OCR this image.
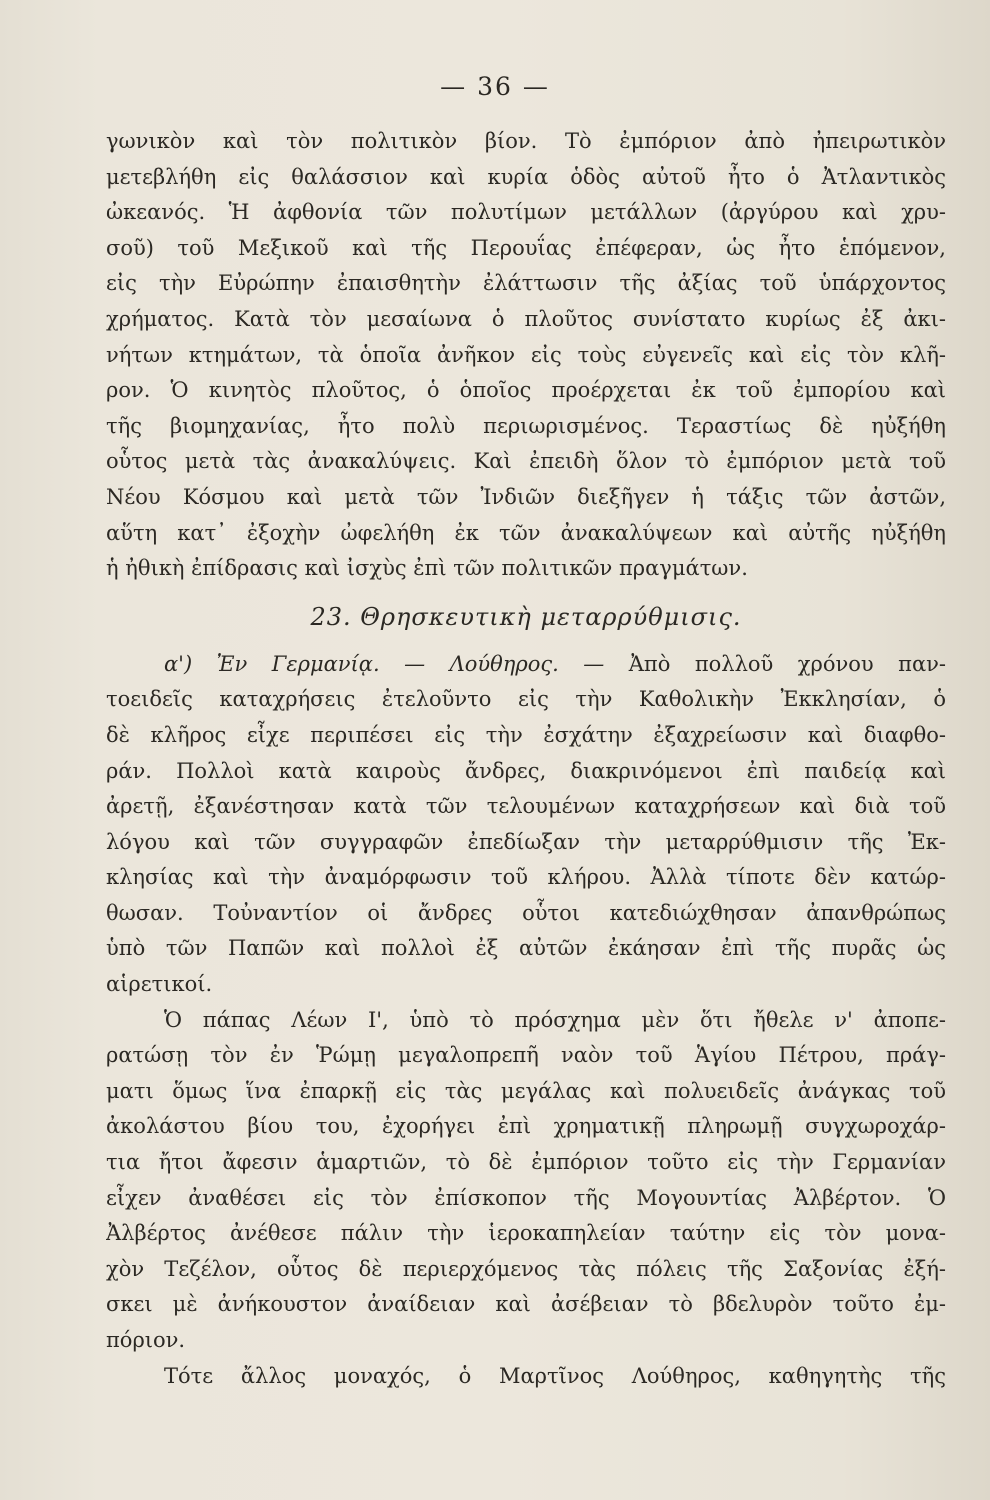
— 36 —
γωνικὸν καὶ τὸν πολιτικὸν βίον. Τὸ ἐμπόριον ἀπὸ ἠπειρωτικὸν
μετεβλήθη εἰς θαλάσσιον καὶ κυρία ὁδὸς αὐτοῦ ἦτο ὁ Ἀτλαντικὸς
ὠκεανός. Ἡ ἀφθονία τῶν πολυτίμων μετάλλων (ἀργύρου καὶ χρυ-
σοῦ) τοῦ Μεξικοῦ καὶ τῆς Περουΐας ἐπέφεραν, ὡς ἦτο ἑπόμενον,
εἰς τὴν Εὐρώπην ἐπαισθητὴν ἐλάττωσιν τῆς ἀξίας τοῦ ὑπάρχοντος
χρήματος. Κατὰ τὸν μεσαίωνα ὁ πλοῦτος συνίστατο κυρίως ἐξ ἀκι-
νήτων κτημάτων, τὰ ὁποῖα ἀνῆκον εἰς τοὺς εὐγενεῖς καὶ εἰς τὸν κλῆ-
ρον. Ὁ κινητὸς πλοῦτος, ὁ ὁποῖος προέρχεται ἐκ τοῦ ἐμπορίου καὶ
τῆς βιομηχανίας, ἦτο πολὺ περιωρισμένος. Τεραστίως δὲ ηὐξήθη
οὗτος μετὰ τὰς ἀνακαλύψεις. Καὶ ἐπειδὴ ὅλον τὸ ἐμπόριον μετὰ τοῦ
Νέου Κόσμου καὶ μετὰ τῶν Ἰνδιῶν διεξῆγεν ἡ τάξις τῶν ἀστῶν,
αὕτη κατ᾽ ἐξοχὴν ὠφελήθη ἐκ τῶν ἀνακαλύψεων καὶ αὐτῆς ηὐξήθη
ἡ ἠθικὴ ἐπίδρασις καὶ ἰσχὺς ἐπὶ τῶν πολιτικῶν πραγμάτων.
23. Θρησκευτικὴ μεταρρύθμισις.
α') Ἐν Γερμανίᾳ. — Λούθηρος. — Ἀπὸ πολλοῦ χρόνου παν-
τοειδεῖς καταχρήσεις ἐτελοῦντο εἰς τὴν Καθολικὴν Ἐκκλησίαν, ὁ
δὲ κλῆρος εἶχε περιπέσει εἰς τὴν ἐσχάτην ἐξαχρείωσιν καὶ διαφθο-
ράν. Πολλοὶ κατὰ καιροὺς ἄνδρες, διακρινόμενοι ἐπὶ παιδείᾳ καὶ
ἀρετῇ, ἐξανέστησαν κατὰ τῶν τελουμένων καταχρήσεων καὶ διὰ τοῦ
λόγου καὶ τῶν συγγραφῶν ἐπεδίωξαν τὴν μεταρρύθμισιν τῆς Ἐκ-
κλησίας καὶ τὴν ἀναμόρφωσιν τοῦ κλήρου. Ἀλλὰ τίποτε δὲν κατώρ-
θωσαν. Τοὐναντίον οἱ ἄνδρες οὗτοι κατεδιώχθησαν ἀπανθρώπως
ὑπὸ τῶν Παπῶν καὶ πολλοὶ ἐξ αὐτῶν ἐκάησαν ἐπὶ τῆς πυρᾶς ὡς
αἱρετικοί.
Ὁ πάπας Λέων Ι', ὑπὸ τὸ πρόσχημα μὲν ὅτι ἤθελε ν' ἀποπε-
ρατώσῃ τὸν ἐν Ῥώμῃ μεγαλοπρεπῆ ναὸν τοῦ Ἁγίου Πέτρου, πράγ-
ματι ὅμως ἵνα ἐπαρκῇ εἰς τὰς μεγάλας καὶ πολυειδεῖς ἀνάγκας τοῦ
ἀκολάστου βίου του, ἐχορήγει ἐπὶ χρηματικῇ πληρωμῇ συγχωροχάρ-
τια ἤτοι ἄφεσιν ἁμαρτιῶν, τὸ δὲ ἐμπόριον τοῦτο εἰς τὴν Γερμανίαν
εἶχεν ἀναθέσει εἰς τὸν ἐπίσκοπον τῆς Μογουντίας Ἀλβέρτον. Ὁ
Ἀλβέρτος ἀνέθεσε πάλιν τὴν ἱεροκαπηλείαν ταύτην εἰς τὸν μονα-
χὸν Τεζέλον, οὗτος δὲ περιερχόμενος τὰς πόλεις τῆς Σαξονίας ἐξή-
σκει μὲ ἀνήκουστον ἀναίδειαν καὶ ἀσέβειαν τὸ βδελυρὸν τοῦτο ἐμ-
πόριον.
Τότε ἄλλος μοναχός, ὁ Μαρτῖνος Λούθηρος, καθηγητὴς τῆς
